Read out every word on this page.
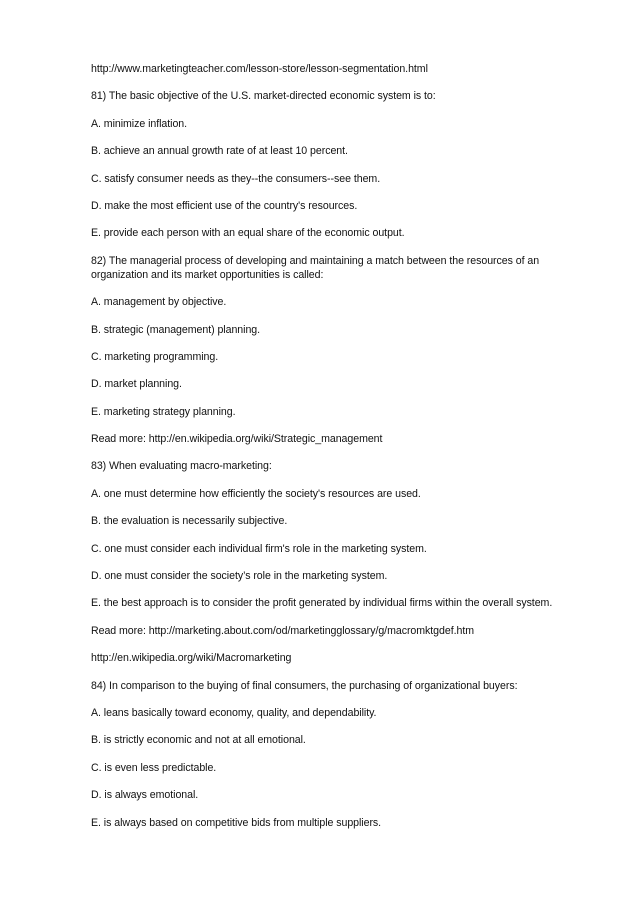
http://www.marketingteacher.com/lesson-store/lesson-segmentation.html

81) The basic objective of the U.S. market-directed economic system is to:

A. minimize inflation.

B. achieve an annual growth rate of at least 10 percent.

C. satisfy consumer needs as they--the consumers--see them.

D. make the most efficient use of the country's resources.

E. provide each person with an equal share of the economic output.

82) The managerial process of developing and maintaining a match between the resources of an organization and its market opportunities is called:

A. management by objective.

B. strategic (management) planning.

C. marketing programming.

D. market planning.

E. marketing strategy planning.

Read more: http://en.wikipedia.org/wiki/Strategic_management

83) When evaluating macro-marketing:

A. one must determine how efficiently the society's resources are used.

B. the evaluation is necessarily subjective.

C. one must consider each individual firm's role in the marketing system.

D. one must consider the society’s role in the marketing system.

E. the best approach is to consider the profit generated by individual firms within the overall system.

Read more: http://marketing.about.com/od/marketingglossary/g/macromktgdef.htm

http://en.wikipedia.org/wiki/Macromarketing

84) In comparison to the buying of final consumers, the purchasing of organizational buyers:

A. leans basically toward economy, quality, and dependability.

B. is strictly economic and not at all emotional.

C. is even less predictable.

D. is always emotional.

E. is always based on competitive bids from multiple suppliers.
